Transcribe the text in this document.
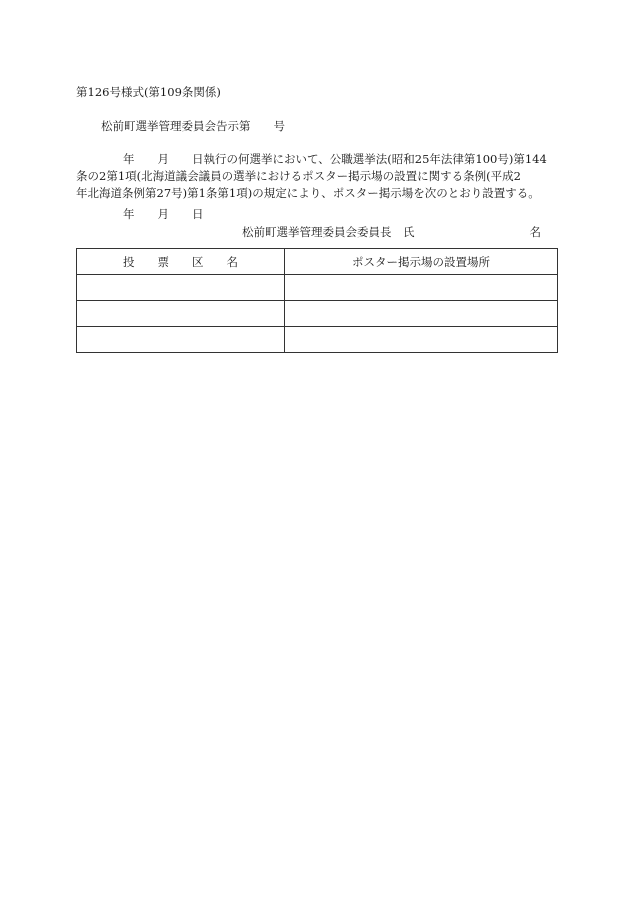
第126号様式(第109条関係)
松前町選挙管理委員会告示第　　号
年　　月　　日執行の何選挙において、公職選挙法(昭和25年法律第100号)第144
条の2第1項(北海道議会議員の選挙におけるポスター掲示場の設置に関する条例(平成2
年北海道条例第27号)第1条第1項)の規定により、ポスター掲示場を次のとおり設置する。
年　　月　　日
松前町選挙管理委員会委員長　氏　　　　　　　　　　名
投　　票　　区　　名	ポスター掲示場の設置場所
